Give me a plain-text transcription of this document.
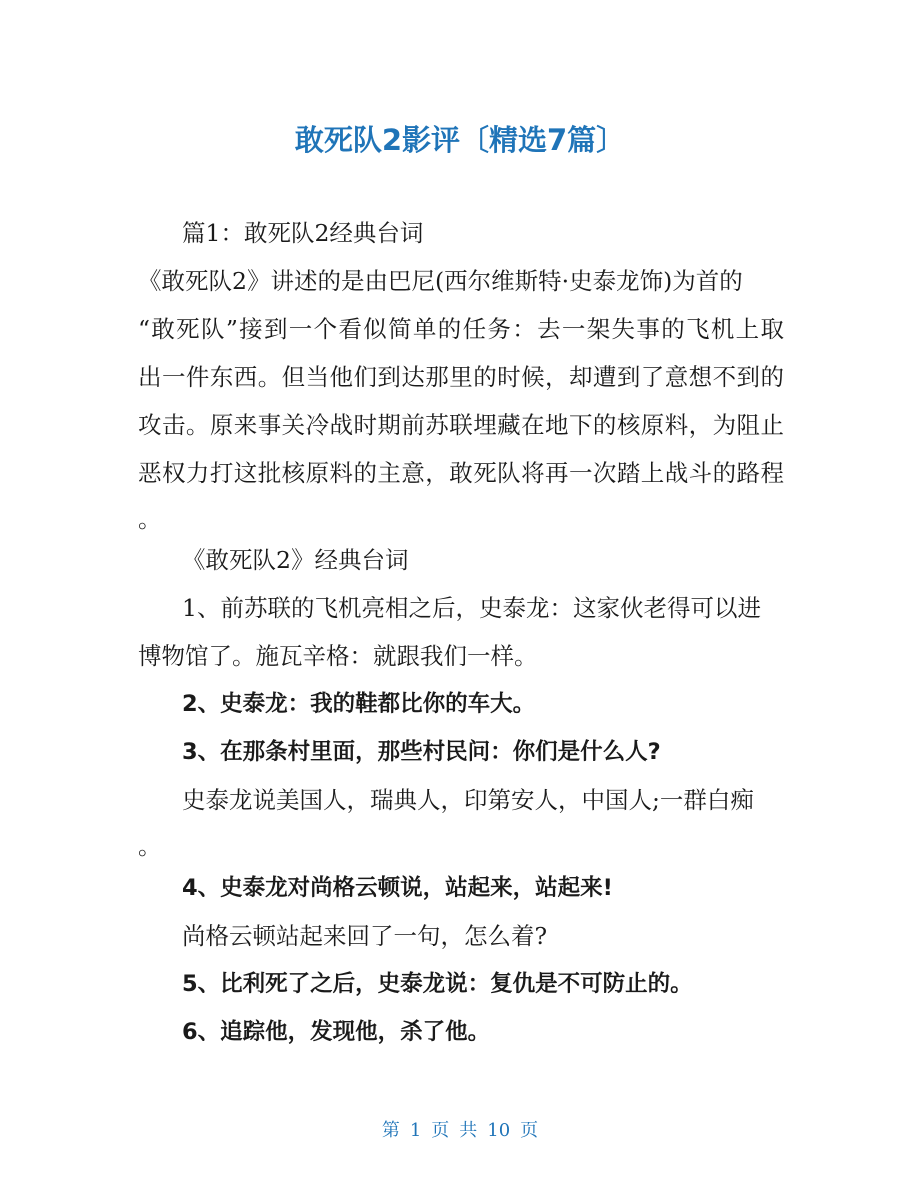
敢死队2影评〔精选7篇〕
篇1：敢死队2经典台词
《敢死队2》讲述的是由巴尼(西尔维斯特·史泰龙饰)为首的
“敢死队”接到一个看似简单的任务：去一架失事的飞机上取
出一件东西。但当他们到达那里的时候，却遭到了意想不到的
攻击。原来事关冷战时期前苏联埋藏在地下的核原料，为阻止
恶权力打这批核原料的主意，敢死队将再一次踏上战斗的路程
。
《敢死队2》经典台词
1、前苏联的飞机亮相之后，史泰龙：这家伙老得可以进
博物馆了。施瓦辛格：就跟我们一样。
2、史泰龙：我的鞋都比你的车大。
3、在那条村里面，那些村民问：你们是什么人?
史泰龙说美国人，瑞典人，印第安人，中国人;一群白痴
。
4、史泰龙对尚格云顿说，站起来，站起来!
尚格云顿站起来回了一句，怎么着?
5、比利死了之后，史泰龙说：复仇是不可防止的。
6、追踪他，发现他，杀了他。
第 1 页 共 10 页
